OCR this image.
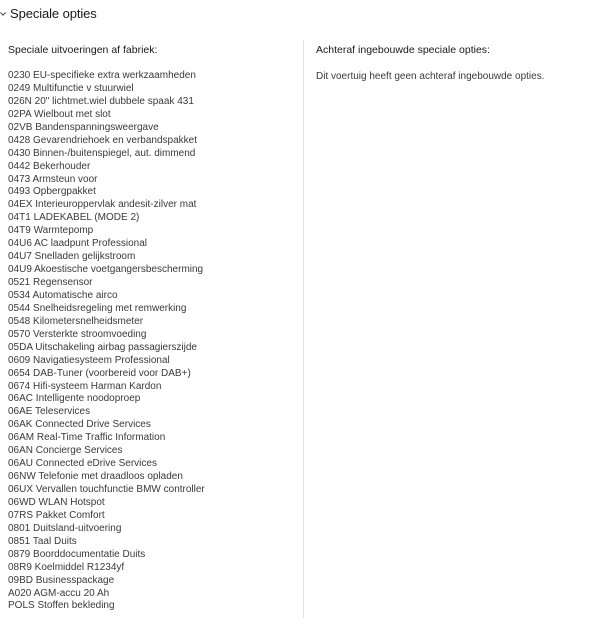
Speciale opties
Speciale uitvoeringen af fabriek:
0230 EU-specifieke extra werkzaamheden
0249 Multifunctie v stuurwiel
026N 20" lichtmet.wiel dubbele spaak 431
02PA Wielbout met slot
02VB Bandenspanningsweergave
0428 Gevarendriehoek en verbandspakket
0430 Binnen-/buitenspiegel, aut. dimmend
0442 Bekerhouder
0473 Armsteun voor
0493 Opbergpakket
04EX Interieuroppervlak andesit-zilver mat
04T1 LADEKABEL (MODE 2)
04T9 Warmtepomp
04U6 AC laadpunt Professional
04U7 Snelladen gelijkstroom
04U9 Akoestische voetgangersbescherming
0521 Regensensor
0534 Automatische airco
0544 Snelheidsregeling met remwerking
0548 Kilometersnelheidsmeter
0570 Versterkte stroomvoeding
05DA Uitschakeling airbag passagierszijde
0609 Navigatiesysteem Professional
0654 DAB-Tuner (voorbereid voor DAB+)
0674 Hifi-systeem Harman Kardon
06AC Intelligente noodoproep
06AE Teleservices
06AK Connected Drive Services
06AM Real-Time Traffic Information
06AN Concierge Services
06AU Connected eDrive Services
06NW Telefonie met draadloos opladen
06UX Vervallen touchfunctie BMW controller
06WD WLAN Hotspot
07RS Pakket Comfort
0801 Duitsland-uitvoering
0851 Taal Duits
0879 Boorddocumentatie Duits
08R9 Koelmiddel R1234yf
09BD Businesspackage
A020 AGM-accu 20 Ah
POLS Stoffen bekleding
Achteraf ingebouwde speciale opties:
Dit voertuig heeft geen achteraf ingebouwde opties.
